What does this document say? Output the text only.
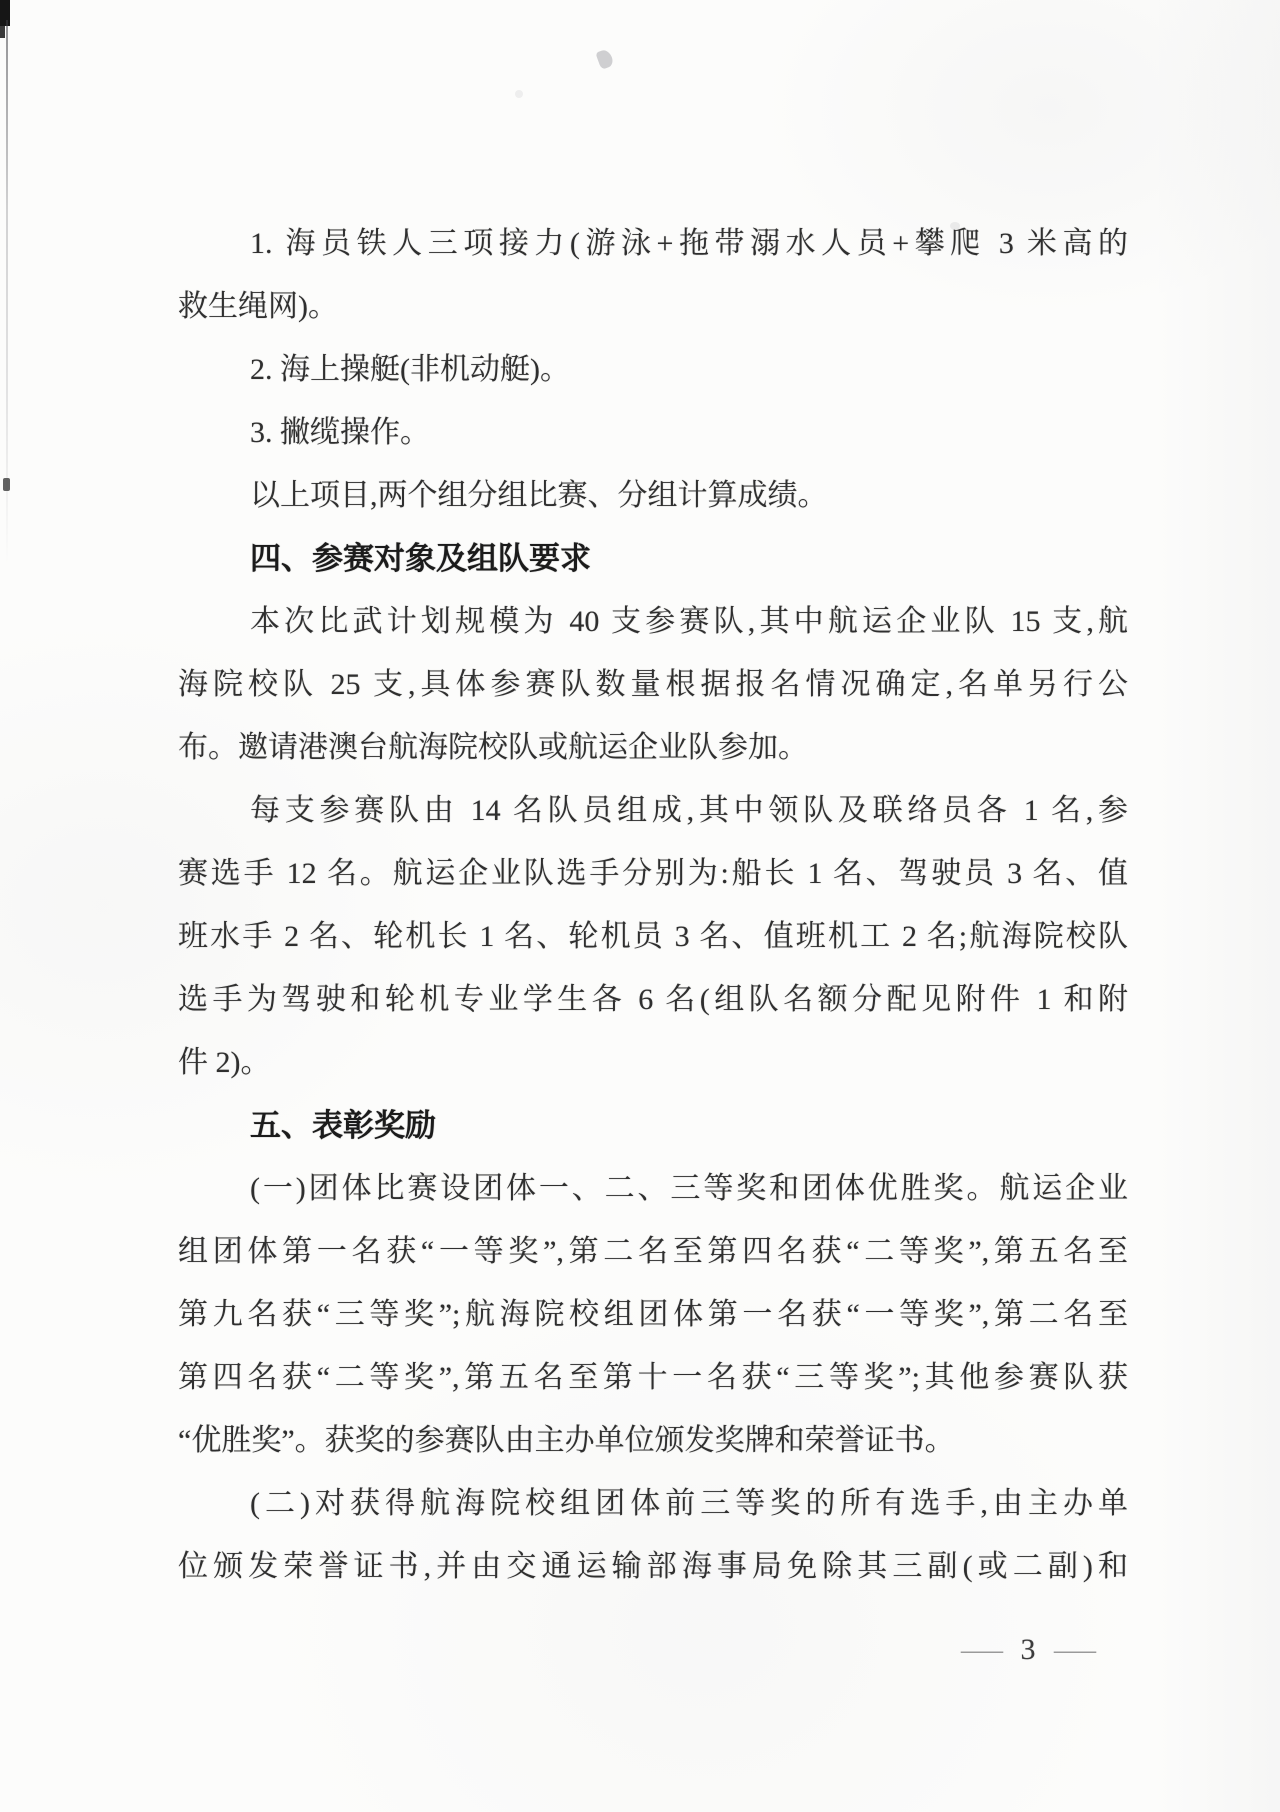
1. 海员铁人三项接力(游泳+拖带溺水人员+攀爬 3 米高的
救生绳网)。
2. 海上操艇(非机动艇)。
3. 撇缆操作。
以上项目,两个组分组比赛、分组计算成绩。
四、参赛对象及组队要求
本次比武计划规模为 40 支参赛队,其中航运企业队 15 支,航
海院校队 25 支,具体参赛队数量根据报名情况确定,名单另行公
布。邀请港澳台航海院校队或航运企业队参加。
每支参赛队由 14 名队员组成,其中领队及联络员各 1 名,参
赛选手 12 名。航运企业队选手分别为:船长 1 名、驾驶员 3 名、值
班水手 2 名、轮机长 1 名、轮机员 3 名、值班机工 2 名;航海院校队
选手为驾驶和轮机专业学生各 6 名(组队名额分配见附件 1 和附
件 2)。
五、表彰奖励
(一)团体比赛设团体一、二、三等奖和团体优胜奖。航运企业
组团体第一名获“一等奖”,第二名至第四名获“二等奖”,第五名至
第九名获“三等奖”;航海院校组团体第一名获“一等奖”,第二名至
第四名获“二等奖”,第五名至第十一名获“三等奖”;其他参赛队获
“优胜奖”。获奖的参赛队由主办单位颁发奖牌和荣誉证书。
(二)对获得航海院校组团体前三等奖的所有选手,由主办单
位颁发荣誉证书,并由交通运输部海事局免除其三副(或二副)和
— 3 —
